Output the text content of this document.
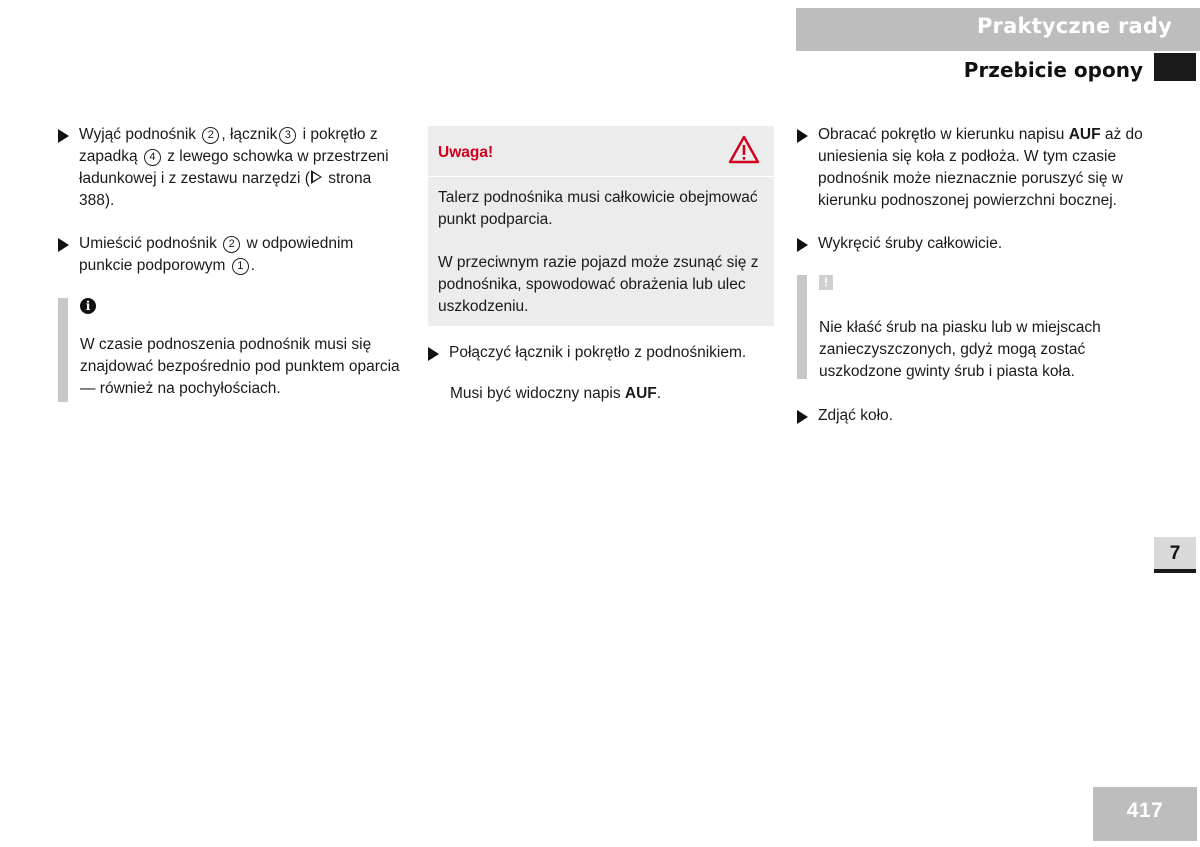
Praktyczne rady
Przebicie opony
Wyjąć podnośnik 2 , łącznik 3 i pokrętło z zapadką 4 z lewego schowka w przestrzeni ładunkowej i z zestawu narzędzi ( strona 388).
Umieścić podnośnik 2 w odpowiednim punkcie podporowym 1 .
i
W czasie podnoszenia podnośnik musi się znajdować bezpośrednio pod punktem oparcia — również na pochyłościach.
Uwaga!

Talerz podnośnika musi całkowicie obejmować punkt podparcia.

W przeciwnym razie pojazd może zsunąć się z podnośnika, spowodować obrażenia lub ulec uszkodzeniu.

Połączyć łącznik i pokrętło z podnośnikiem.
Musi być widoczny napis AUF.
Obracać pokrętło w kierunku napisu AUF aż do uniesienia się koła z podłoża. W tym czasie podnośnik może nieznacznie poruszyć się w kierunku podnoszonej powierzchni bocznej.
Wykręcić śruby całkowicie.
!
Nie kłaść śrub na piasku lub w miejscach zanieczyszczonych, gdyż mogą zostać uszkodzone gwinty śrub i piasta koła.
Zdjąć koło.
7
417
